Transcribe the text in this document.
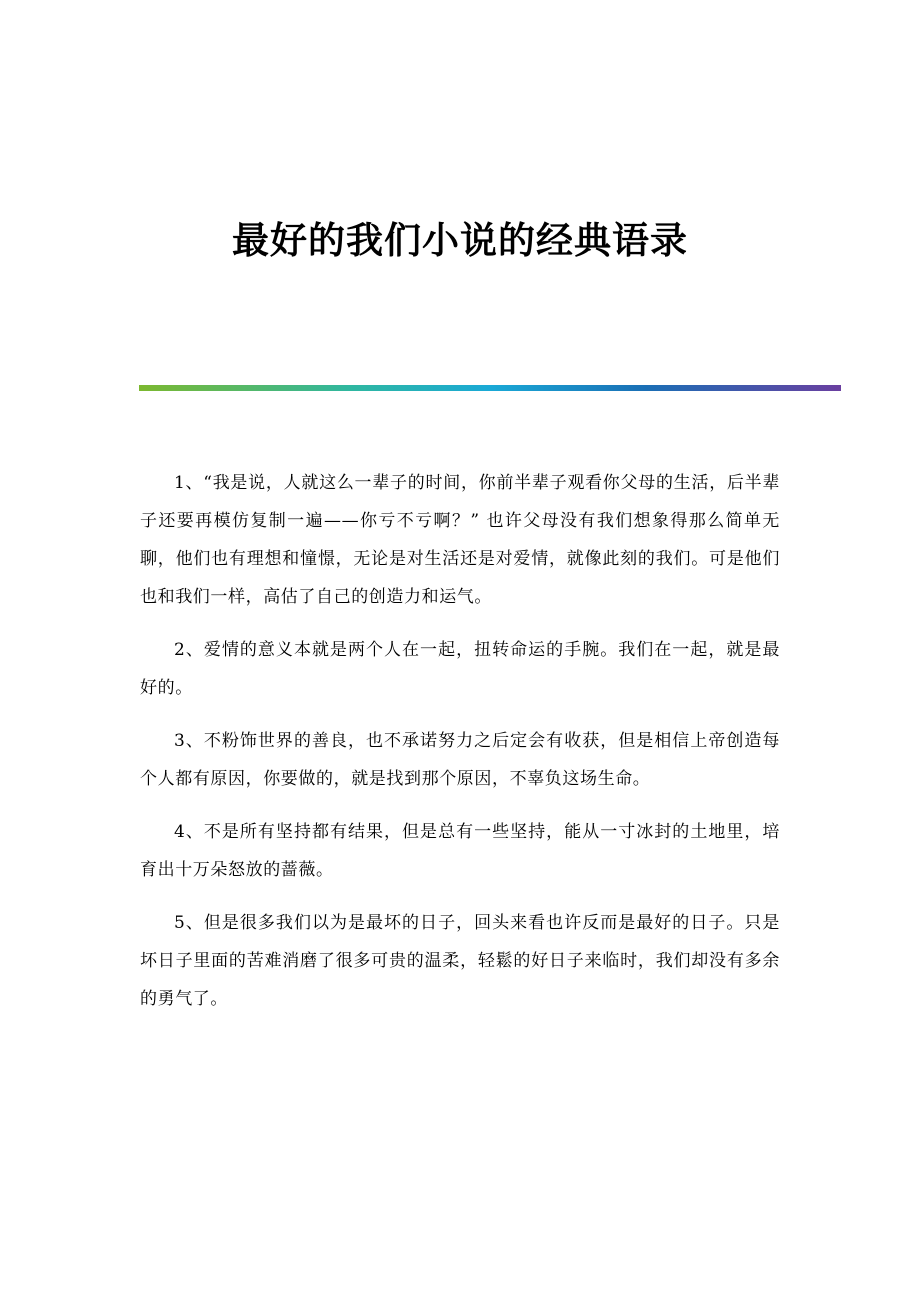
最好的我们小说的经典语录

1、“我是说，人就这么一辈子的时间，你前半辈子观看你父母的生活，后半辈子还要再模仿复制一遍——你亏不亏啊？” 也许父母没有我们想象得那么简单无聊，他们也有理想和憧憬，无论是对生活还是对爱情，就像此刻的我们。可是他们也和我们一样，高估了自己的创造力和运气。

2、爱情的意义本就是两个人在一起，扭转命运的手腕。我们在一起，就是最好的。

3、不粉饰世界的善良，也不承诺努力之后定会有收获，但是相信上帝创造每个人都有原因，你要做的，就是找到那个原因，不辜负这场生命。

4、不是所有坚持都有结果，但是总有一些坚持，能从一寸冰封的土地里，培育出十万朵怒放的蔷薇。

5、但是很多我们以为是最坏的日子，回头来看也许反而是最好的日子。只是坏日子里面的苦难消磨了很多可贵的温柔，轻鬆的好日子来临时，我们却没有多余的勇气了。
